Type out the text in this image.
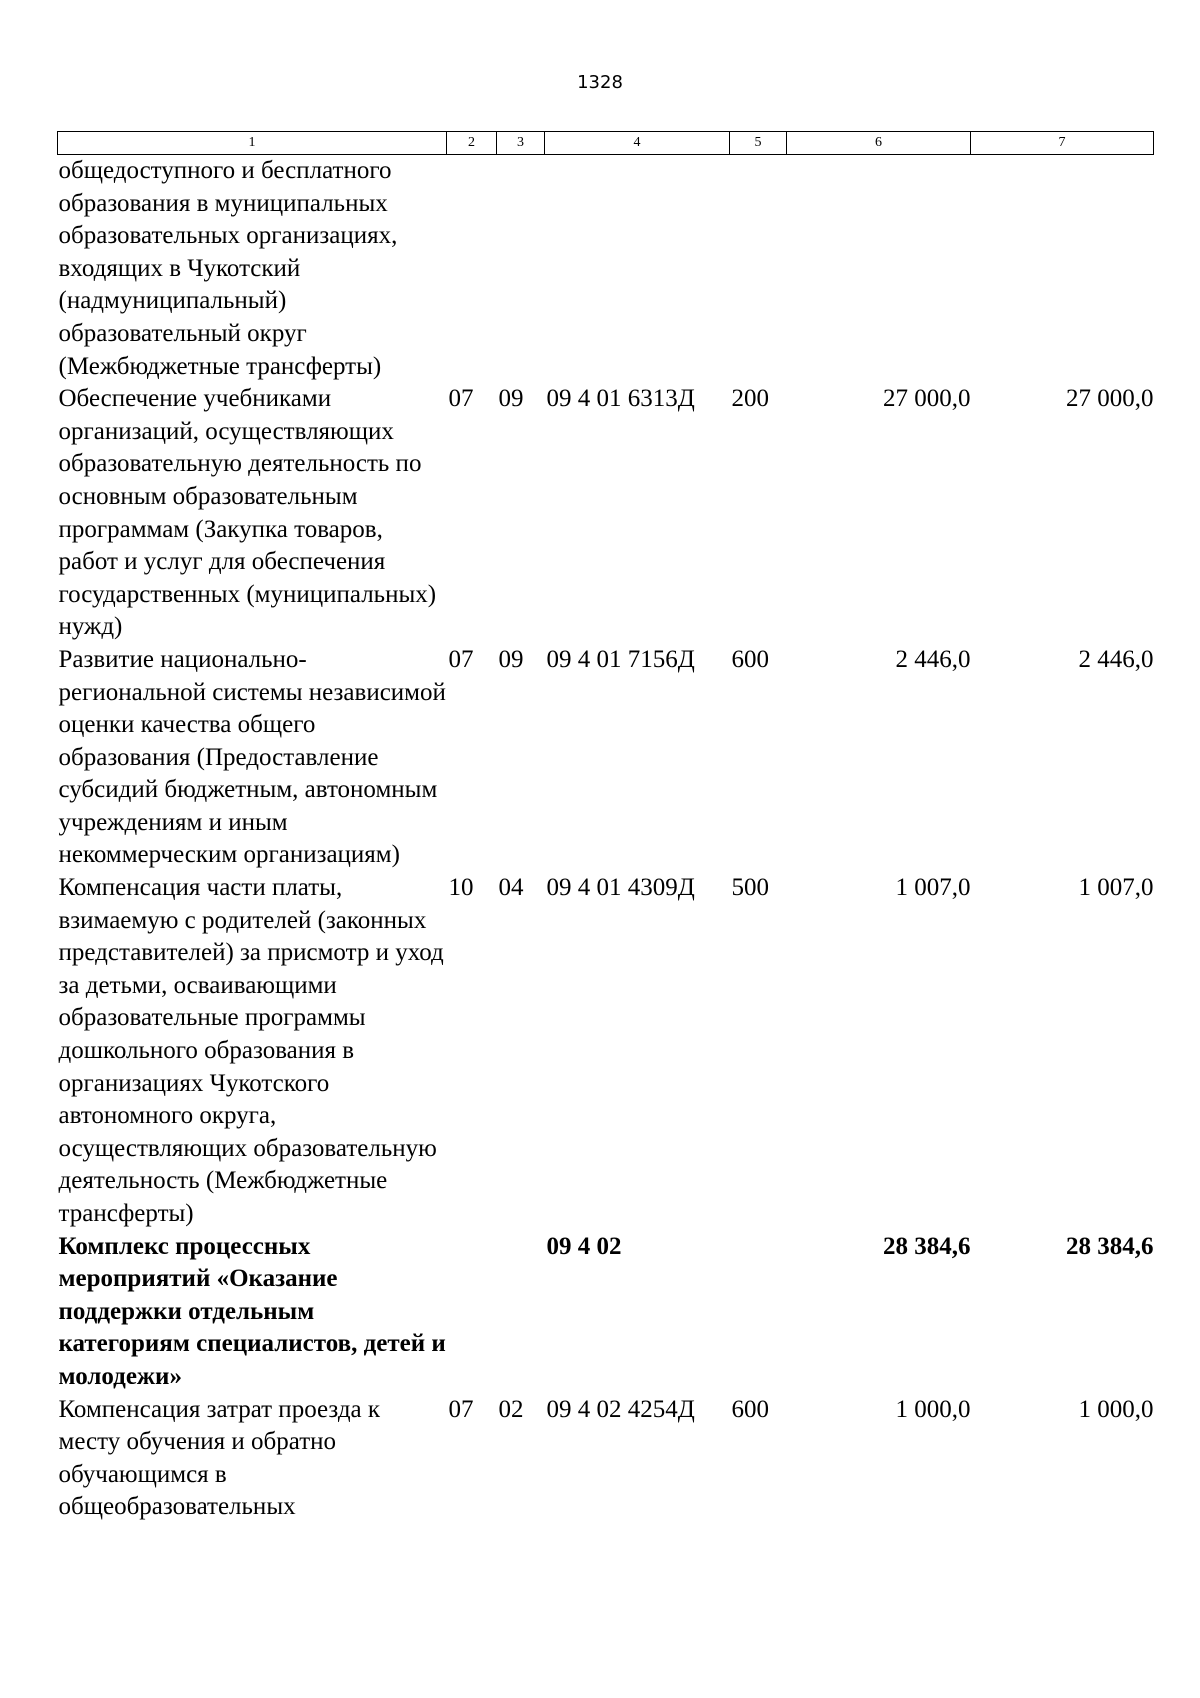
1328
1	2	3	4	5	6	7
общедоступного и бесплатного образования в муниципальных образовательных организациях, входящих в Чукотский (надмуниципальный) образовательный округ (Межбюджетные трансферты)						
Обеспечение учебниками организаций, осуществляющих образовательную деятельность по основным образовательным программам (Закупка товаров, работ и услуг для обеспечения государственных (муниципальных) нужд)	07	09	09 4 01 6313Д	200	27 000,0	27 000,0
Развитие национально-региональной системы независимой оценки качества общего образования (Предоставление субсидий бюджетным, автономным учреждениям и иным некоммерческим организациям)	07	09	09 4 01 7156Д	600	2 446,0	2 446,0
Компенсация части платы, взимаемую с родителей (законных представителей) за присмотр и уход за детьми, осваивающими образовательные программы дошкольного образования в организациях Чукотского автономного округа, осуществляющих образовательную деятельность (Межбюджетные трансферты)	10	04	09 4 01 4309Д	500	1 007,0	1 007,0
Комплекс процессных мероприятий «Оказание поддержки отдельным категориям специалистов, детей и молодежи»			09 4 02		28 384,6	28 384,6
Компенсация затрат проезда к месту обучения и обратно обучающимся в общеобразовательных	07	02	09 4 02 4254Д	600	1 000,0	1 000,0
